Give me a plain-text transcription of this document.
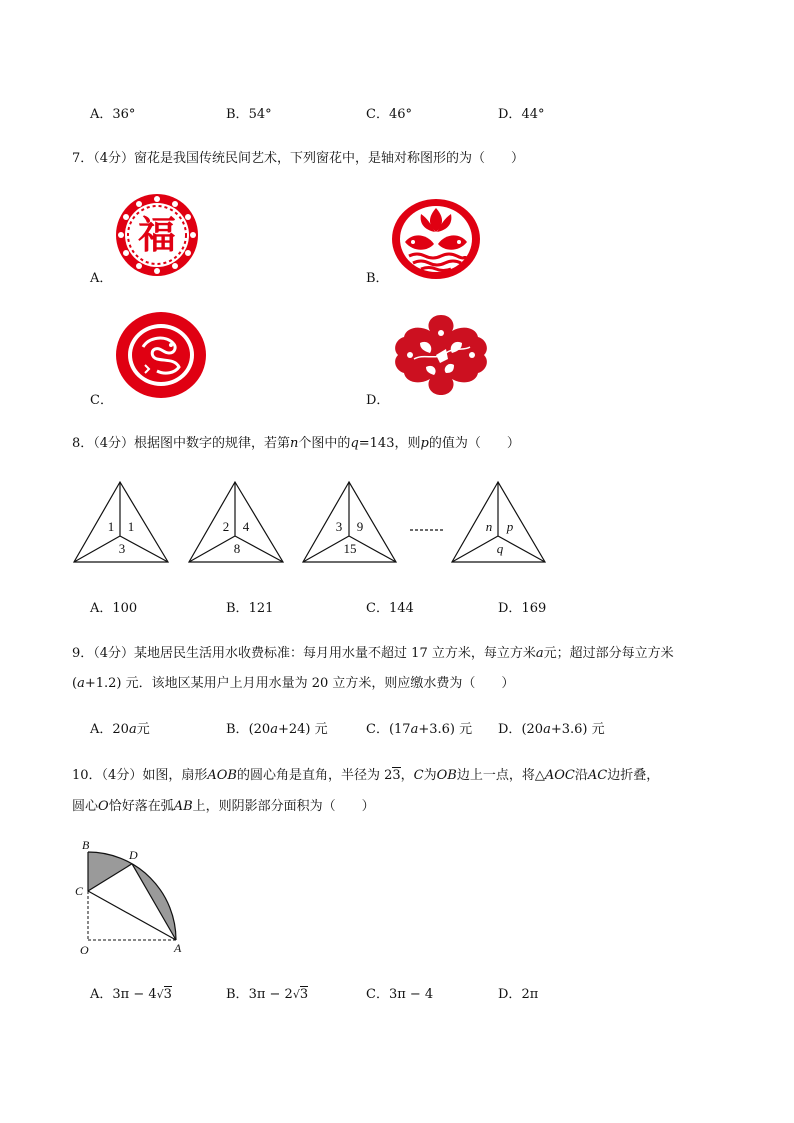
A．36°	B．54°	C．46°	D．44°
7．（4分）窗花是我国传统民间艺术，下列窗花中，是轴对称图形的为（　　）
A．	B．
C．	D．
福
8．（4分）根据图中数字的规律，若第n个图中的q=143，则p的值为（　　）
1 1
3
2 4
8
3 9
15
n p
q
A．100	B．121	C．144	D．169
9．（4分）某地居民生活用水收费标准：每月用水量不超过 17 立方米，每立方米a元；超过部分每立方米
(a+1.2) 元．该地区某用户上月用水量为 20 立方米，则应缴水费为（　　）
A．20a元	B．(20a+24) 元	C．(17a+3.6) 元 D．(20a+3.6) 元
10．（4分）如图，扇形AOB的圆心角是直角，半径为 23，C为OB边上一点，将△AOC沿AC边折叠，
圆心O恰好落在弧AB上，则阴影部分面积为（　　）
B
D
C
O	A
A．3π − 4√3	B．3π − 2√3	C．3π − 4	D．2π
